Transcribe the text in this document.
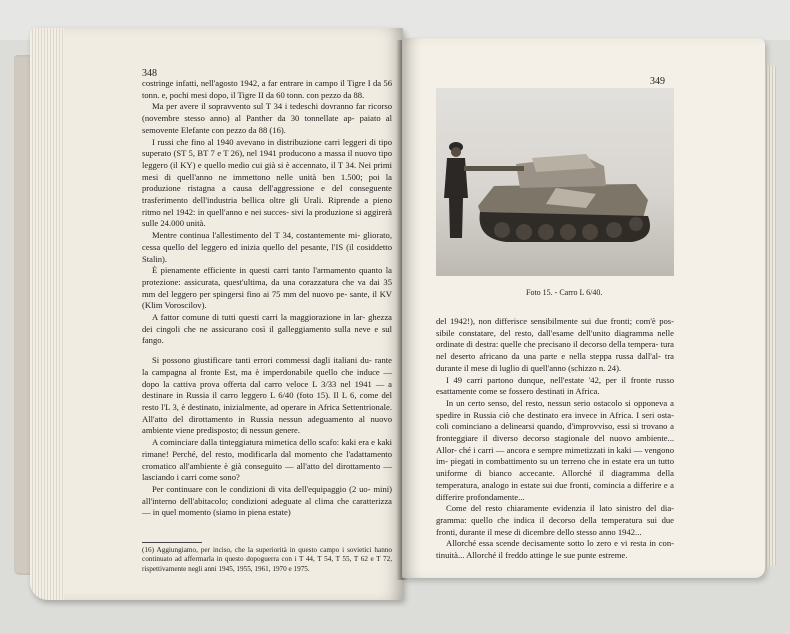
348

costringe infatti, nell'agosto 1942, a far entrare in campo il Tigre I da 56 tonn. e, pochi mesi dopo, il Tigre II da 60 tonn. con pezzo da 88.

Ma per avere il sopravvento sul T 34 i tedeschi dovranno far ricorso (novembre stesso anno) al Panther da 30 tonnellate ap- paiato al semovente Elefante con pezzo da 88 (16).

I russi che fino al 1940 avevano in distribuzione carri leggeri di tipo superato (ST 5, BT 7 e T 26), nel 1941 producono a massa il nuovo tipo leggero (il KY) e quello medio cui già si è accennato, il T 34. Nei primi mesi di quell'anno ne immettono nelle unità ben 1.500; poi la produzione ristagna a causa dell'aggressione e del conseguente trasferimento dell'industria bellica oltre gli Urali. Riprende a pieno ritmo nel 1942: in quell'anno e nei succes- sivi la produzione si aggirerà sulle 24.000 unità.

Mentre continua l'allestimento del T 34, costantemente mi- gliorato, cessa quello del leggero ed inizia quello del pesante, l'IS (il cosiddetto Stalin).

È pienamente efficiente in questi carri tanto l'armamento quanto la protezione: assicurata, quest'ultima, da una corazzatura che va dai 35 mm del leggero per spingersi fino ai 75 mm del nuovo pe- sante, il KV (Klim Voroscilov).

A fattor comune di tutti questi carri la maggiorazione in lar- ghezza dei cingoli che ne assicurano così il galleggiamento sulla neve e sul fango.

Si possono giustificare tanti errori commessi dagli italiani du- rante la campagna al fronte Est, ma è imperdonabile quello che induce — dopo la cattiva prova offerta dal carro veloce L 3/33 nel 1941 — a destinare in Russia il carro leggero L 6/40 (foto 15). Il L 6, come del resto l'L 3, è destinato, inizialmente, ad operare in Africa Settentrionale. All'atto del dirottamento in Russia nessun adeguamento al nuovo ambiente viene predisposto; di nessun genere.

A cominciare dalla tinteggiatura mimetica dello scafo: kaki era e kaki rimane! Perché, del resto, modificarla dal momento che l'adattamento cromatico all'ambiente è già conseguito — all'atto del dirottamento — lasciando i carri come sono?

Per continuare con le condizioni di vita dell'equipaggio (2 uo- mini) all'interno dell'abitacolo; condizioni adeguate al clima che caratterizza — in quel momento (siamo in piena estate)

(16) Aggiungiamo, per inciso, che la superiorità in questo campo i sovietici hanno continuato ad affermarla in questo dopoguerra con i T 44, T 54, T 55, T 62 e T 72, rispettivamente negli anni 1945, 1955, 1961, 1970 e 1975.
349
Foto 15. - Carro L 6/40.

del 1942!), non differisce sensibilmente sui due fronti; com'è pos- sibile constatare, del resto, dall'esame dell'unito diagramma nelle ordinate di destra: quelle che precisano il decorso della tempera- tura nel deserto africano da una parte e nella steppa russa dall'al- tra durante il mese di luglio di quell'anno (schizzo n. 24).

I 49 carri partono dunque, nell'estate '42, per il fronte russo esattamente come se fossero destinati in Africa.

In un certo senso, del resto, nessun serio ostacolo si opponeva a spedire in Russia ciò che destinato era invece in Africa. I seri osta- coli cominciano a delinearsi quando, d'improvviso, essi si trovano a fronteggiare il diverso decorso stagionale del nuovo ambiente... Allor- ché i carri — ancora e sempre mimetizzati in kaki — vengono im- piegati in combattimento su un terreno che in estate era un tutto uniforme di bianco accecante. Allorché il diagramma della temperatura, analogo in estate sui due fronti, comincia a differire e a differire profondamente...

Come del resto chiaramente evidenzia il lato sinistro del dia- gramma: quello che indica il decorso della temperatura sui due fronti, durante il mese di dicembre dello stesso anno 1942...

Allorché essa scende decisamente sotto lo zero e vi resta in con- tinuità... Allorché il freddo attinge le sue punte estreme.
